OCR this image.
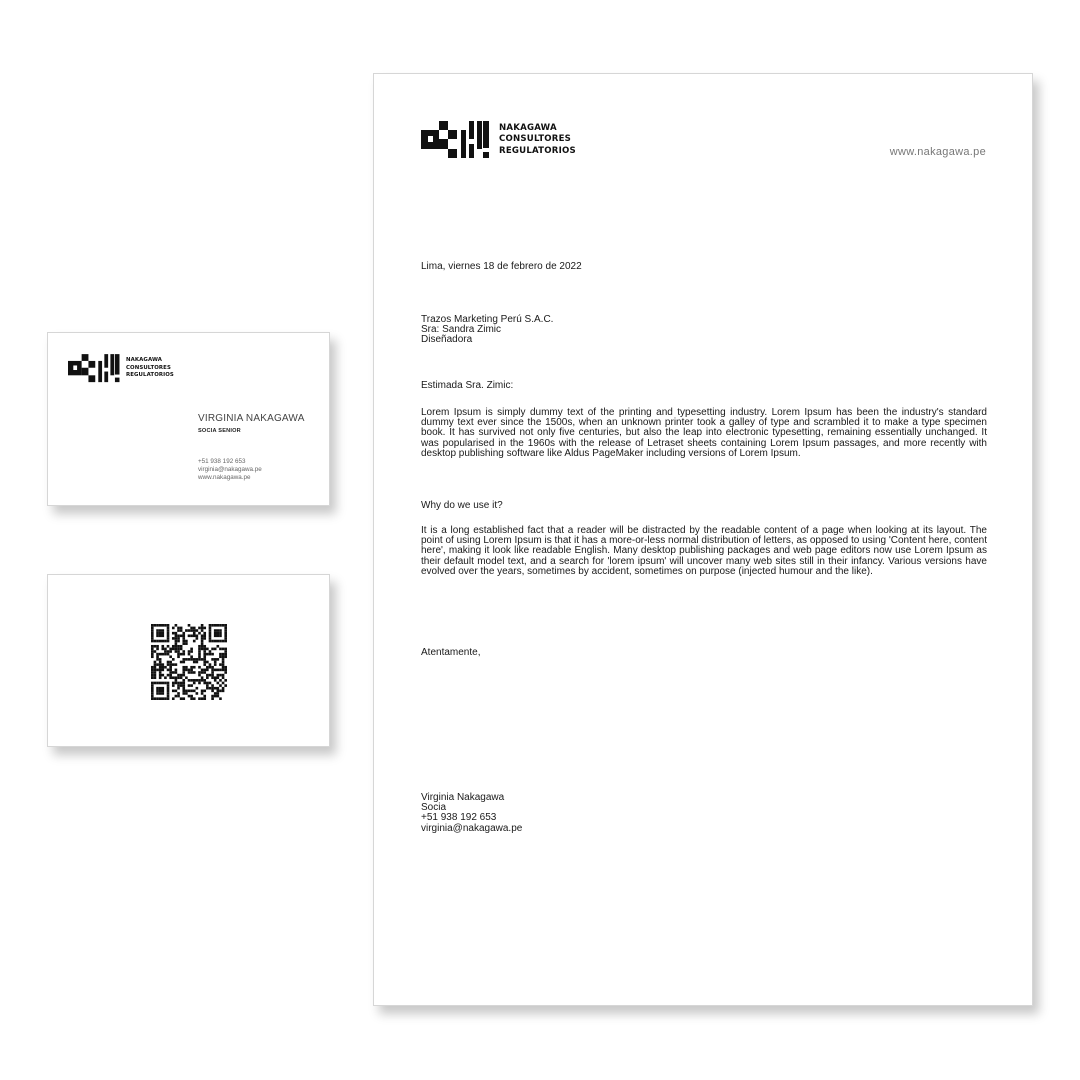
NAKAGAWA
CONSULTORES
REGULATORIOS	www.nakagawa.pe
Lima, viernes 18 de febrero de 2022
Trazos Marketing Perú S.A.C.
Sra: Sandra Zimic
Diseñadora
Estimada Sra. Zimic:
Lorem Ipsum is simply dummy text of the printing and typesetting industry. Lorem Ipsum has been the industry's standard dummy text ever since the 1500s, when an unknown printer took a galley of type and scrambled it to make a type specimen book. It has survived not only five centuries, but also the leap into electronic typesetting, remaining essentially unchanged. It was popularised in the 1960s with the release of Letraset sheets containing Lorem Ipsum passages, and more recently with desktop publishing software like Aldus PageMaker including versions of Lorem Ipsum.
Why do we use it?
It is a long established fact that a reader will be distracted by the readable content of a page when looking at its layout. The point of using Lorem Ipsum is that it has a more-or-less normal distribution of letters, as opposed to using 'Content here, content here', making it look like readable English. Many desktop publishing packages and web page editors now use Lorem Ipsum as their default model text, and a search for 'lorem ipsum' will uncover many web sites still in their infancy. Various versions have evolved over the years, sometimes by accident, sometimes on purpose (injected humour and the like).
Atentamente,
Virginia Nakagawa
Socia
+51 938 192 653
virginia@nakagawa.pe
NAKAGAWA
CONSULTORES
REGULATORIOS
VIRGINIA NAKAGAWA
SOCIA SENIOR
+51 938 192 653
virginia@nakagawa.pe
www.nakagawa.pe
